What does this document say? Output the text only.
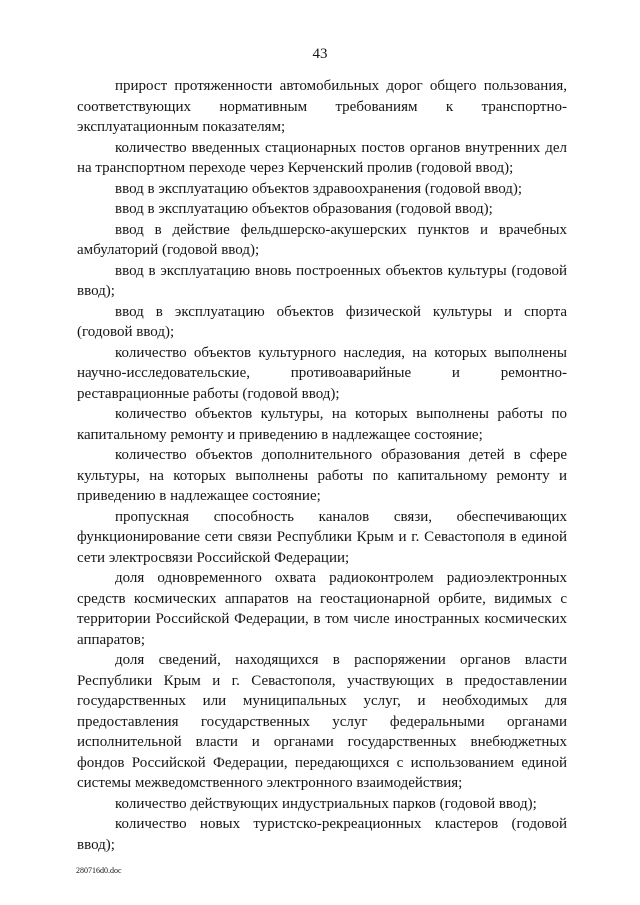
43

прирост протяженности автомобильных дорог общего пользования, соответствующих нормативным требованиям к транспортно-эксплуатационным показателям;

количество введенных стационарных постов органов внутренних дел на транспортном переходе через Керченский пролив (годовой ввод);

ввод в эксплуатацию объектов здравоохранения (годовой ввод);

ввод в эксплуатацию объектов образования (годовой ввод);

ввод в действие фельдшерско-акушерских пунктов и врачебных амбулаторий (годовой ввод);

ввод в эксплуатацию вновь построенных объектов культуры (годовой ввод);

ввод в эксплуатацию объектов физической культуры и спорта (годовой ввод);

количество объектов культурного наследия, на которых выполнены научно-исследовательские, противоаварийные и ремонтно-реставрационные работы (годовой ввод);

количество объектов культуры, на которых выполнены работы по капитальному ремонту и приведению в надлежащее состояние;

количество объектов дополнительного образования детей в сфере культуры, на которых выполнены работы по капитальному ремонту и приведению в надлежащее состояние;

пропускная способность каналов связи, обеспечивающих функционирование сети связи Республики Крым и г. Севастополя в единой сети электросвязи Российской Федерации;

доля одновременного охвата радиоконтролем радиоэлектронных средств космических аппаратов на геостационарной орбите, видимых с территории Российской Федерации, в том числе иностранных космических аппаратов;

доля сведений, находящихся в распоряжении органов власти Республики Крым и г. Севастополя, участвующих в предоставлении государственных или муниципальных услуг, и необходимых для предоставления государственных услуг федеральными органами исполнительной власти и органами государственных внебюджетных фондов Российской Федерации, передающихся с использованием единой системы межведомственного электронного взаимодействия;

количество действующих индустриальных парков (годовой ввод);

количество новых туристско-рекреационных кластеров (годовой ввод);

280716d0.doc
